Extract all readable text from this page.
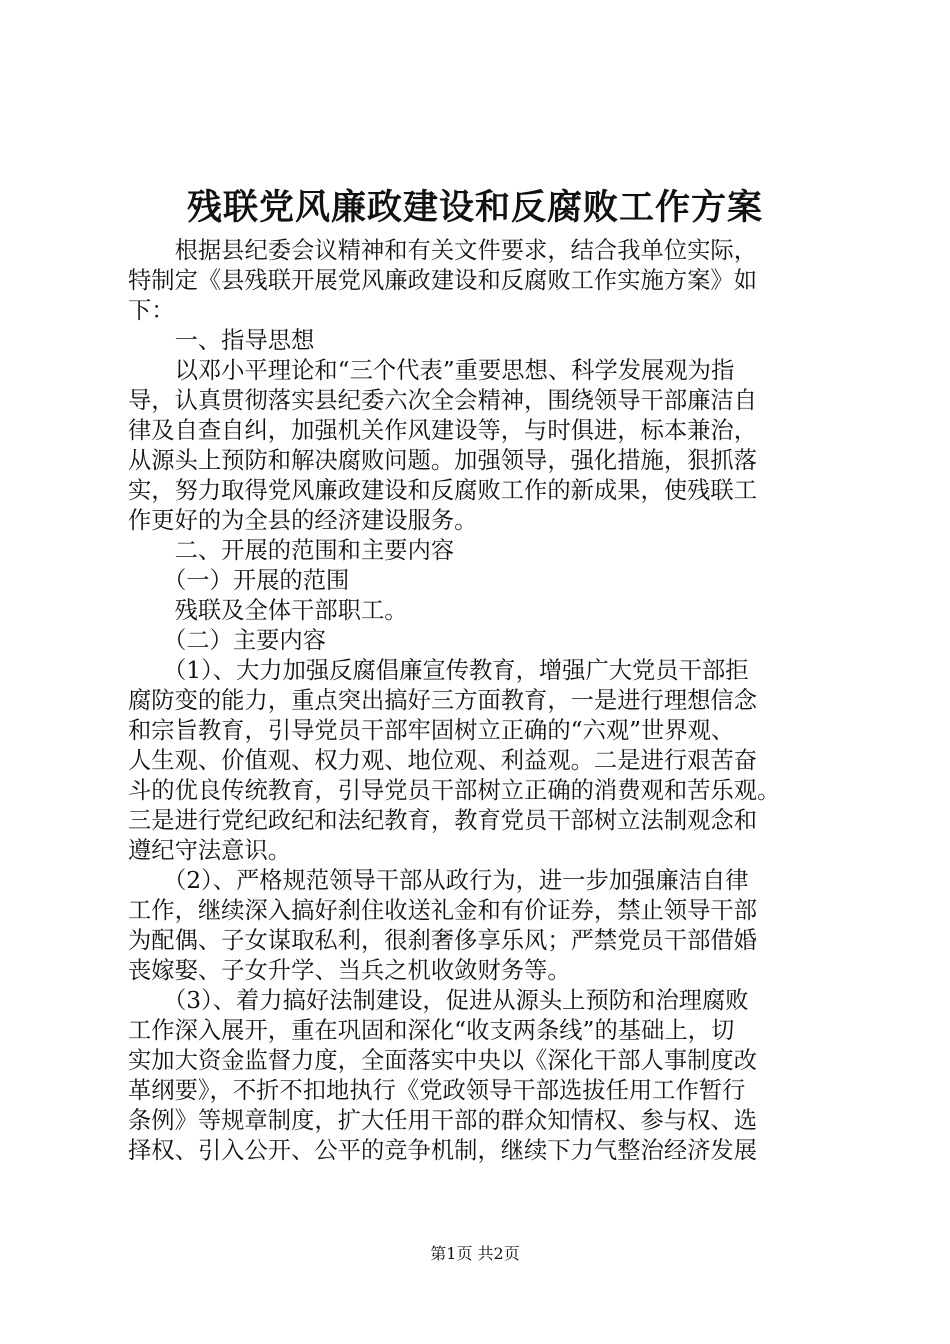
残联党风廉政建设和反腐败工作方案
　　根据县纪委会议精神和有关文件要求，结合我单位实际，
特制定《县残联开展党风廉政建设和反腐败工作实施方案》如
下：
　　一、指导思想
　　以邓小平理论和“三个代表”重要思想、科学发展观为指
导，认真贯彻落实县纪委六次全会精神，围绕领导干部廉洁自
律及自查自纠，加强机关作风建设等，与时俱进，标本兼治，
从源头上预防和解决腐败问题。加强领导，强化措施，狠抓落
实，努力取得党风廉政建设和反腐败工作的新成果，使残联工
作更好的为全县的经济建设服务。
　　二、开展的范围和主要内容
　　（一）开展的范围
　　残联及全体干部职工。
　　（二）主要内容
　　（1）、大力加强反腐倡廉宣传教育，增强广大党员干部拒
腐防变的能力，重点突出搞好三方面教育，一是进行理想信念
和宗旨教育，引导党员干部牢固树立正确的“六观”世界观、
人生观、价值观、权力观、地位观、利益观。二是进行艰苦奋
斗的优良传统教育，引导党员干部树立正确的消费观和苦乐观。
三是进行党纪政纪和法纪教育，教育党员干部树立法制观念和
遵纪守法意识。
　　（2）、严格规范领导干部从政行为，进一步加强廉洁自律
工作，继续深入搞好刹住收送礼金和有价证券，禁止领导干部
为配偶、子女谋取私利，很刹奢侈享乐风；严禁党员干部借婚
丧嫁娶、子女升学、当兵之机收敛财务等。
　　（3）、着力搞好法制建设，促进从源头上预防和治理腐败
工作深入展开，重在巩固和深化“收支两条线”的基础上，切
实加大资金监督力度，全面落实中央以《深化干部人事制度改
革纲要》，不折不扣地执行《党政领导干部选拔任用工作暂行
条例》等规章制度，扩大任用干部的群众知情权、参与权、选
择权、引入公开、公平的竞争机制，继续下力气整治经济发展
第1页 共2页
